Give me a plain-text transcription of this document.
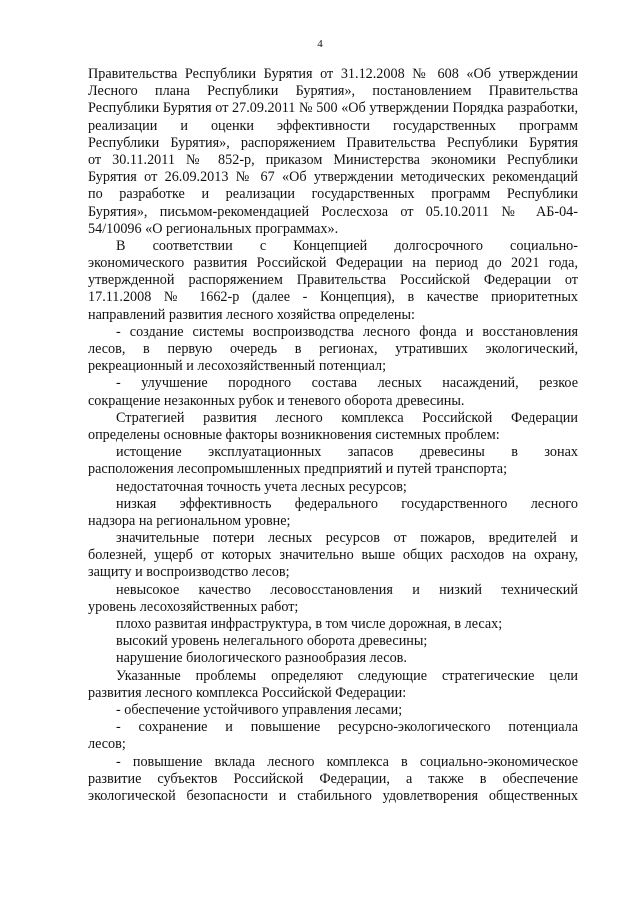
4
Правительства Республики Бурятия от 31.12.2008 № 608 «Об утверждении
Лесного плана Республики Бурятия», постановлением Правительства
Республики Бурятия от 27.09.2011 № 500 «Об утверждении Порядка разработки,
реализации и оценки эффективности государственных программ
Республики Бурятия», распоряжением Правительства Республики Бурятия
от 30.11.2011 № 852-р, приказом Министерства экономики Республики
Бурятия от 26.09.2013 № 67 «Об утверждении методических рекомендаций
по разработке и реализации государственных программ Республики
Бурятия», письмом-рекомендацией Рослесхоза от 05.10.2011 № АБ-04-
54/10096 «О региональных программах».
В соответствии с Концепцией долгосрочного социально-
экономического развития Российской Федерации на период до 2021 года,
утвержденной распоряжением Правительства Российской Федерации от
17.11.2008 № 1662-р (далее - Концепция), в качестве приоритетных
направлений развития лесного хозяйства определены:
- создание системы воспроизводства лесного фонда и восстановления
лесов, в первую очередь в регионах, утративших экологический,
рекреационный и лесохозяйственный потенциал;
- улучшение породного состава лесных насаждений, резкое
сокращение незаконных рубок и теневого оборота древесины.
Стратегией развития лесного комплекса Российской Федерации
определены основные факторы возникновения системных проблем:
истощение эксплуатационных запасов древесины в зонах
расположения лесопромышленных предприятий и путей транспорта;
недостаточная точность учета лесных ресурсов;
низкая эффективность федерального государственного лесного
надзора на региональном уровне;
значительные потери лесных ресурсов от пожаров, вредителей и
болезней, ущерб от которых значительно выше общих расходов на охрану,
защиту и воспроизводство лесов;
невысокое качество лесовосстановления и низкий технический
уровень лесохозяйственных работ;
плохо развитая инфраструктура, в том числе дорожная, в лесах;
высокий уровень нелегального оборота древесины;
нарушение биологического разнообразия лесов.
Указанные проблемы определяют следующие стратегические цели
развития лесного комплекса Российской Федерации:
- обеспечение устойчивого управления лесами;
- сохранение и повышение ресурсно-экологического потенциала
лесов;
- повышение вклада лесного комплекса в социально-экономическое
развитие субъектов Российской Федерации, а также в обеспечение
экологической безопасности и стабильного удовлетворения общественных
